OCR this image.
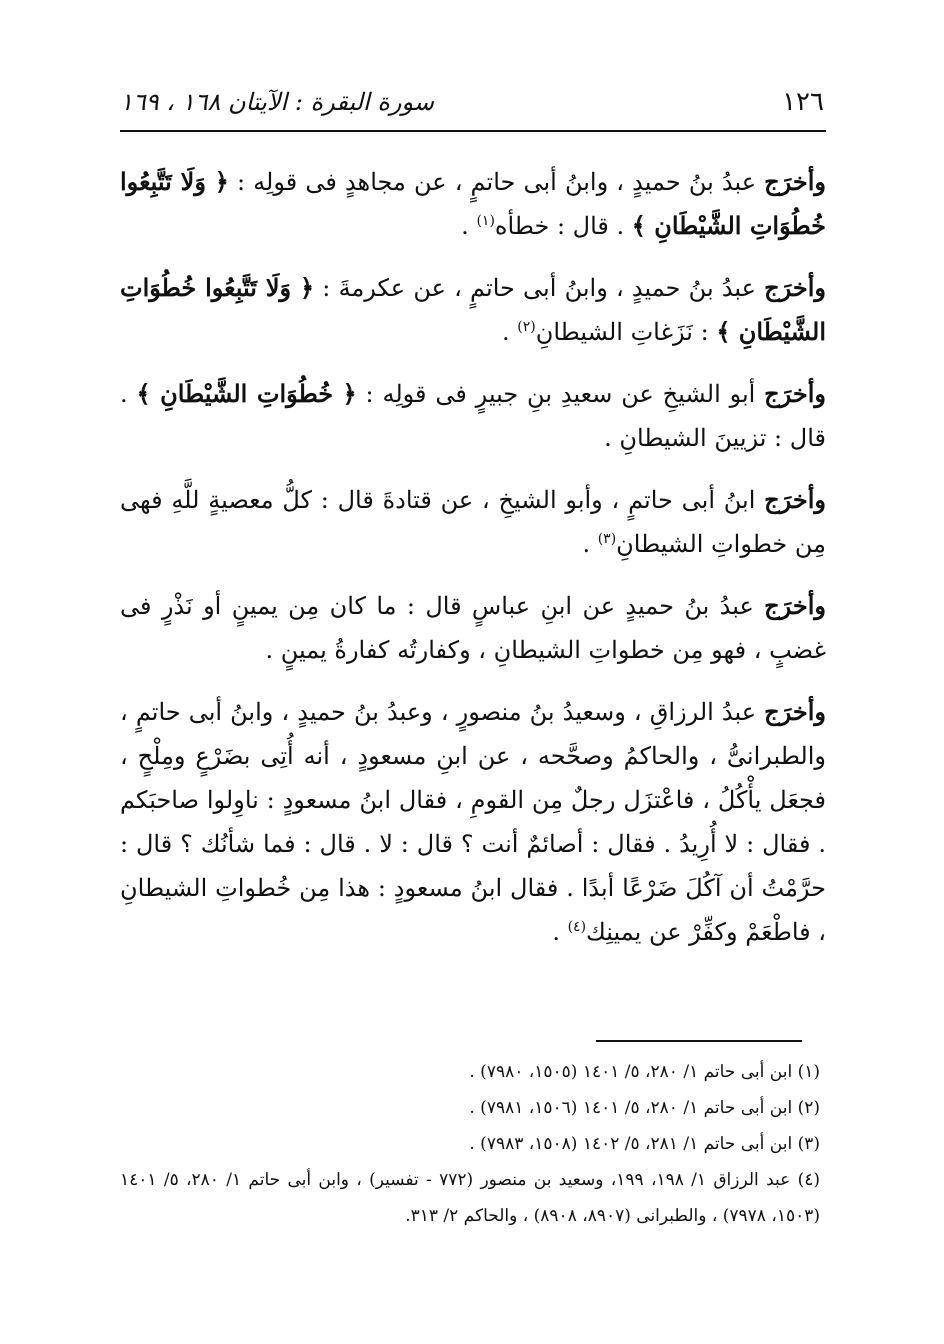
١٢٦
سورة البقرة : الآيتان ١٦٨ ، ١٦٩

وأخرَج عبدُ بنُ حميدٍ ، وابنُ أبى حاتمٍ ، عن مجاهدٍ فى قولِه : ﴿ وَلَا تَتَّبِعُوا خُطُوَاتِ الشَّيْطَانِ ﴾ . قال : خطأه$^{(١)}$ .

وأخرَج عبدُ بنُ حميدٍ ، وابنُ أبى حاتمٍ ، عن عكرمةَ : ﴿ وَلَا تَتَّبِعُوا خُطُوَاتِ الشَّيْطَانِ ﴾ : نَزَغاتِ الشيطانِ$^{(٢)}$ .

وأخرَج أبو الشيخِ عن سعيدِ بنِ جبيرٍ فى قولِه : ﴿ خُطُوَاتِ الشَّيْطَانِ ﴾ . قال : تزيينَ الشيطانِ .

وأخرَج ابنُ أبى حاتمٍ ، وأبو الشيخِ ، عن قتادةَ قال : كلُّ معصيةٍ للَّهِ فهى مِن خطواتِ الشيطانِ$^{(٣)}$ .

وأخرَج عبدُ بنُ حميدٍ عن ابنِ عباسٍ قال : ما كان مِن يمينٍ أو نَذْرٍ فى غضبٍ ، فهو مِن خطواتِ الشيطانِ ، وكفارتُه كفارةُ يمينٍ .

وأخرَج عبدُ الرزاقِ ، وسعيدُ بنُ منصورٍ ، وعبدُ بنُ حميدٍ ، وابنُ أبى حاتمٍ ، والطبرانىُّ ، والحاكمُ وصحَّحه ، عن ابنِ مسعودٍ ، أنه أُتِى بضَرْعٍ ومِلْحٍ ، فجعَل يأْكُلُ ، فاعْتزَل رجلٌ مِن القومِ ، فقال ابنُ مسعودٍ : ناوِلوا صاحبَكم . فقال : لا أُرِيدُ . فقال : أصائمٌ أنت ؟ قال : لا . قال : فما شأنُك ؟ قال : حرَّمْتُ أن آكُلَ ضَرْعًا أبدًا . فقال ابنُ مسعودٍ : هذا مِن خُطواتِ الشيطانِ ، فاطْعَمْ وكفِّرْ عن يمينِك$^{(٤)}$ .

(١) ابن أبى حاتم ١/ ٢٨٠، ٥/ ١٤٠١ (١٥٠٥، ٧٩٨٠) .

(٢) ابن أبى حاتم ١/ ٢٨٠، ٥/ ١٤٠١ (١٥٠٦، ٧٩٨١) .

(٣) ابن أبى حاتم ١/ ٢٨١، ٥/ ١٤٠٢ (١٥٠٨، ٧٩٨٣) .

(٤) عبد الرزاق ١/ ١٩٨، ١٩٩، وسعيد بن منصور (٧٧٢ - تفسير) ، وابن أبى حاتم ١/ ٢٨٠، ٥/ ١٤٠١ (١٥٠٣، ٧٩٧٨) ، والطبرانى (٨٩٠٧، ٨٩٠٨) ، والحاكم ٢/ ٣١٣.
